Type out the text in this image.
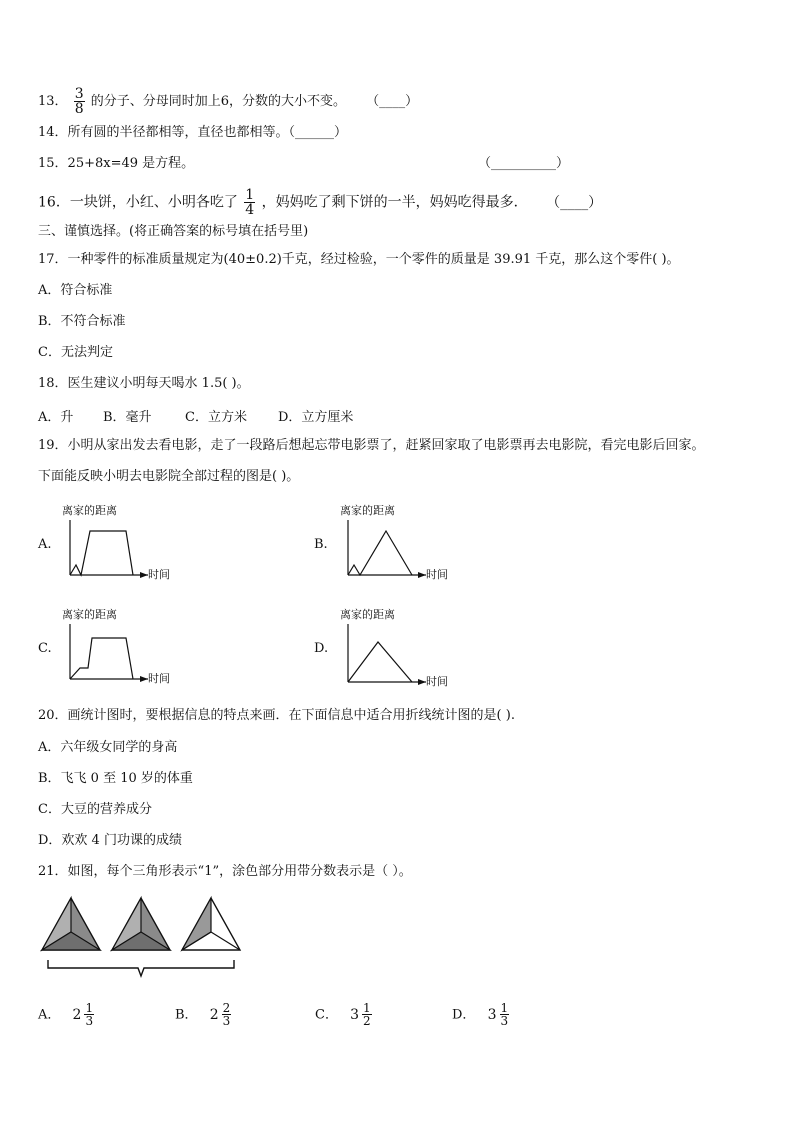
13． $\frac{3}{8}$ 的分子、分母同时加上6，分数的大小不变。 （____）
14．所有圆的半径都相等，直径也都相等。（______）
15．25+8x=49 是方程。	（__________）
16．一块饼，小红、小明各吃了 $\frac{1}{4}$ ，妈妈吃了剩下饼的一半，妈妈吃得最多． （____）
三、谨慎选择。(将正确答案的标号填在括号里)
17．一种零件的标准质量规定为(40±0.2)千克，经过检验，一个零件的质量是 39.91 千克，那么这个零件( )。
A．符合标准
B．不符合标准
C．无法判定
18．医生建议小明每天喝水 1.5( )。
A．升 B．毫升	C．立方米 D．立方厘米
19．小明从家出发去看电影，走了一段路后想起忘带电影票了，赶紧回家取了电影票再去电影院，看完电影后回家。
下面能反映小明去电影院全部过程的图是( )。
A.
离家的距离
时间
B.
离家的距离
时间
C.
离家的距离
时间
D.
离家的距离
时间
20．画统计图时，要根据信息的特点来画．在下面信息中适合用折线统计图的是( ).
A．六年级女同学的身高
B．飞飞 0 至 10 岁的体重
C．大豆的营养成分
D．欢欢 4 门功课的成绩
21．如图，每个三角形表示“1”，涂色部分用带分数表示是（ ）。
A． $2 \frac{1}{3}$	B． $2 \frac{2}{3}$	C． $3 \frac{1}{2}$	D． $3 \frac{1}{3}$
